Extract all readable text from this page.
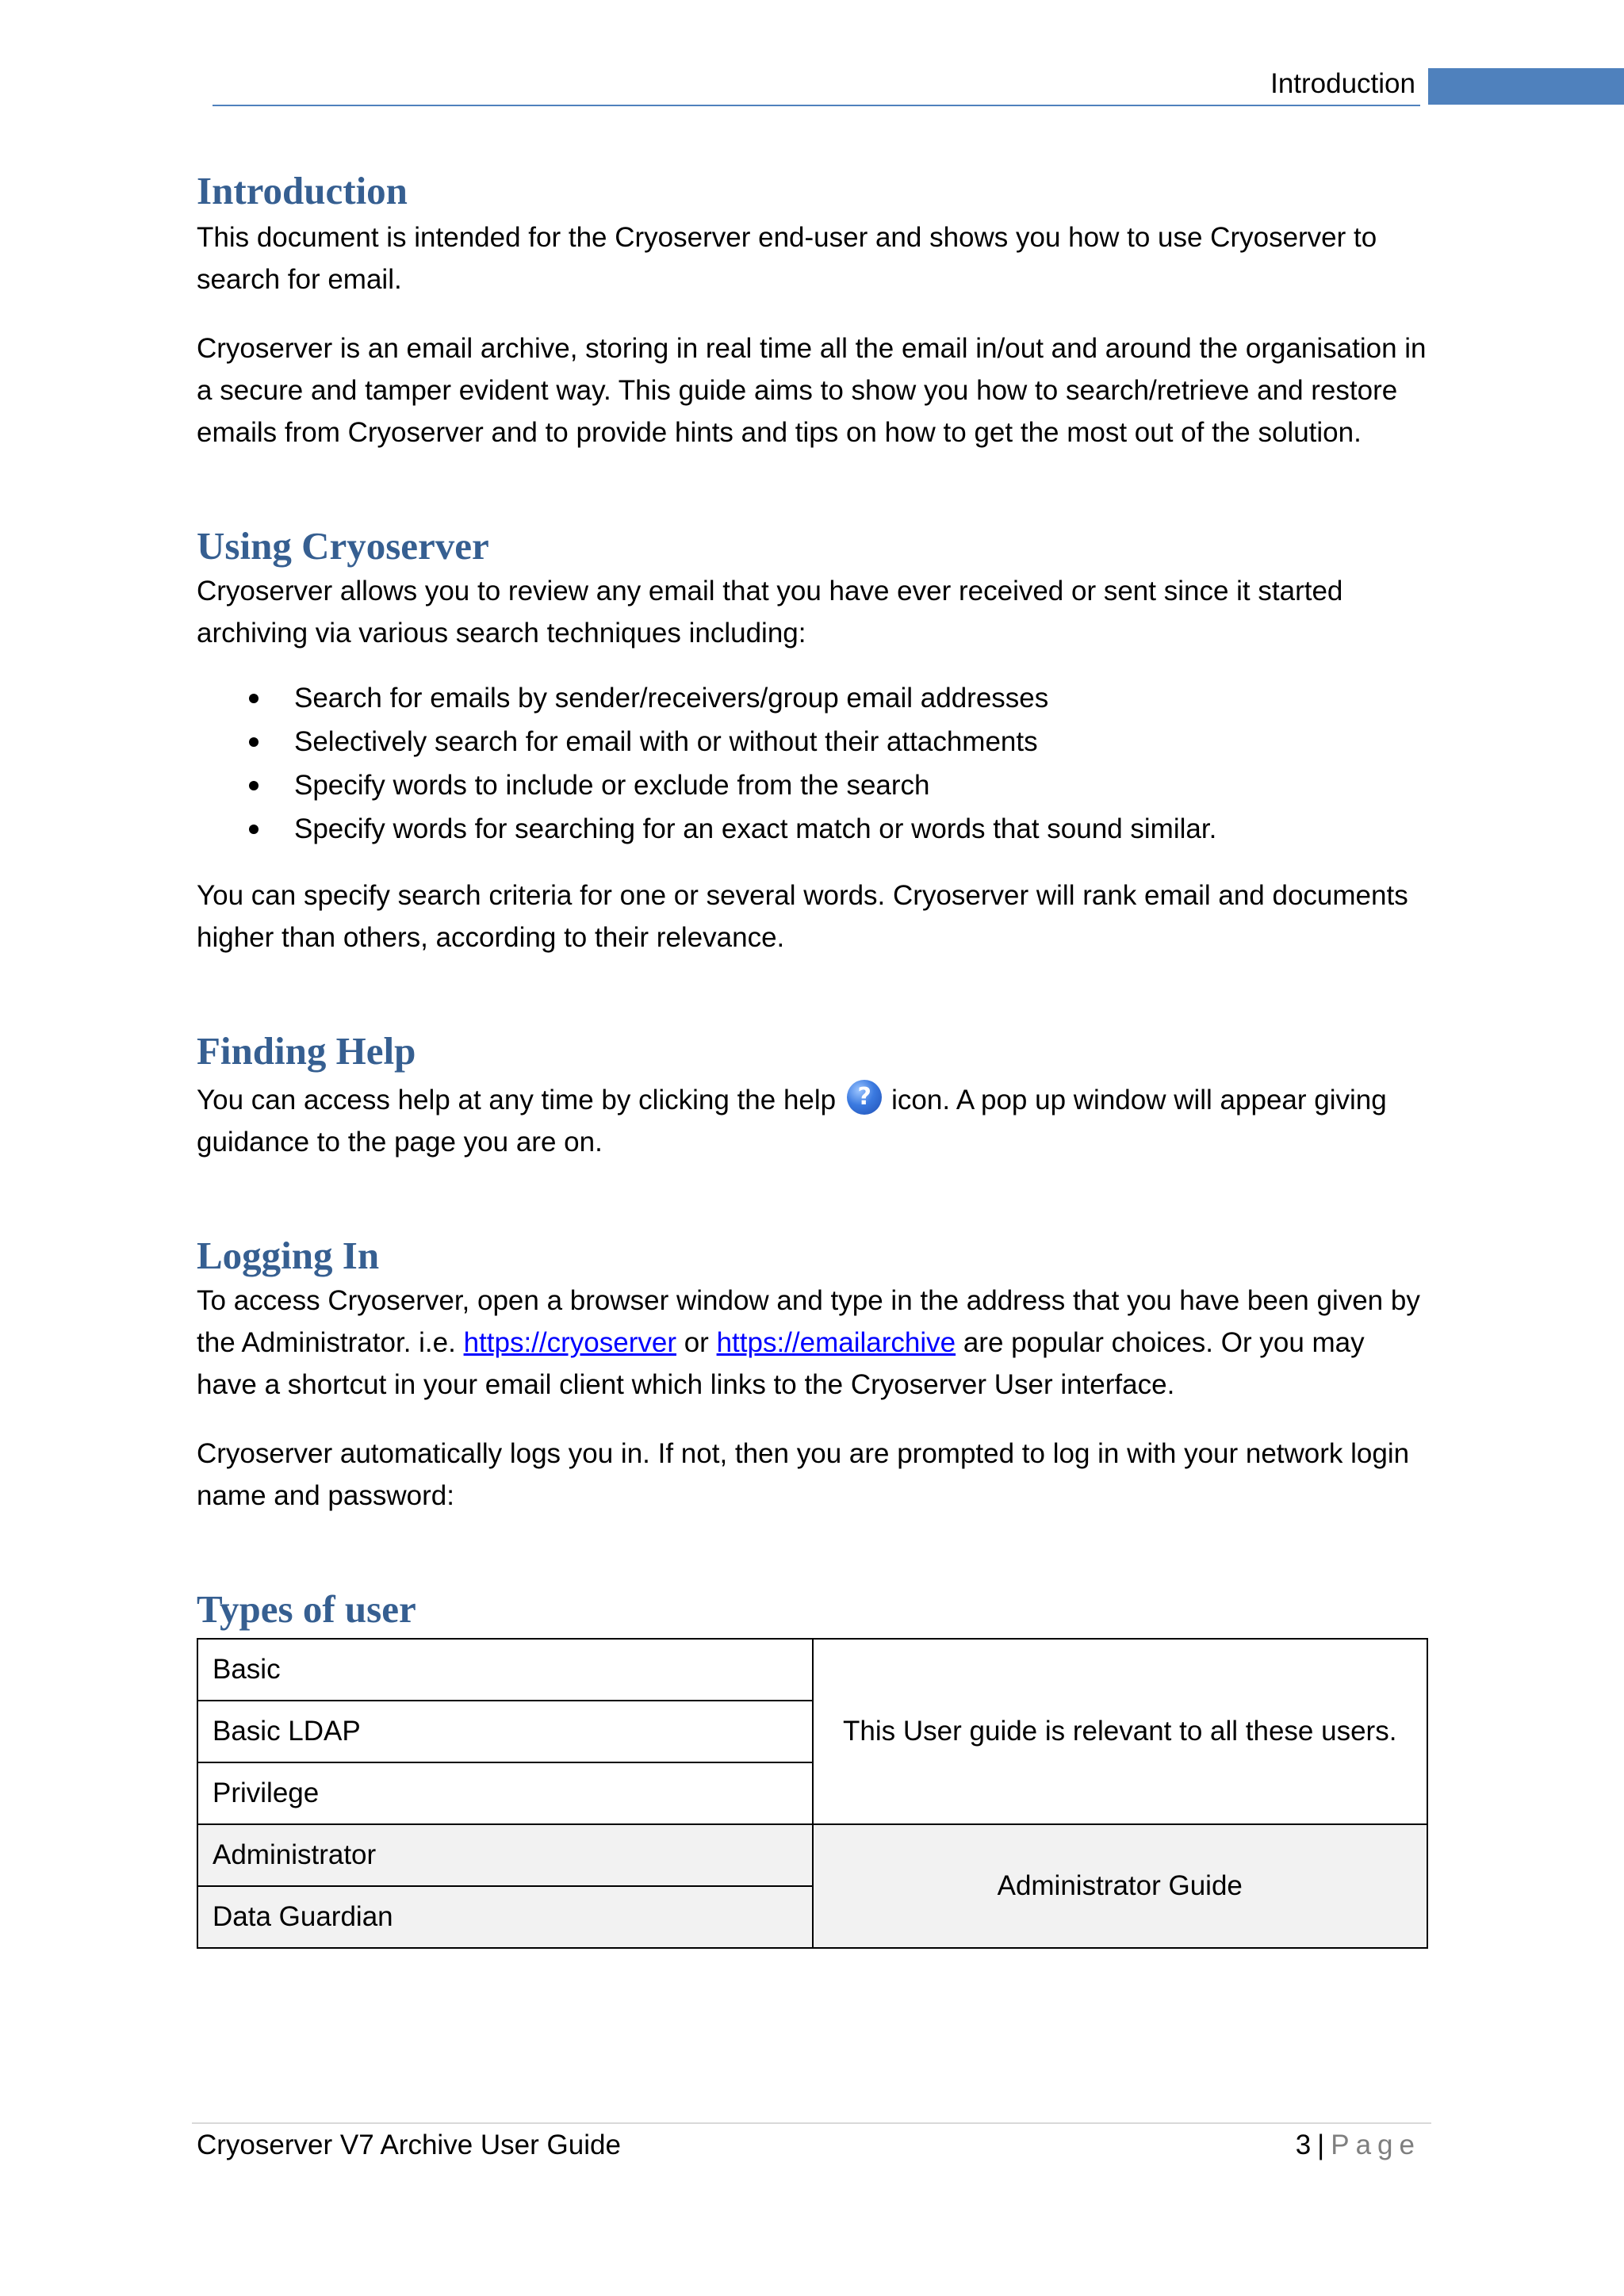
Introduction
Introduction

This document is intended for the Cryoserver end-user and shows you how to use Cryoserver to search for email.

Cryoserver is an email archive, storing in real time all the email in/out and around the organisation in a secure and tamper evident way. This guide aims to show you how to search/retrieve and restore emails from Cryoserver and to provide hints and tips on how to get the most out of the solution.

Using Cryoserver

Cryoserver allows you to review any email that you have ever received or sent since it started archiving via various search techniques including:

Search for emails by sender/receivers/group email addresses
Selectively search for email with or without their attachments
Specify words to include or exclude from the search
Specify words for searching for an exact match or words that sound similar.

You can specify search criteria for one or several words. Cryoserver will rank email and documents higher than others, according to their relevance.

Finding Help

You can access help at any time by clicking the help ? icon. A pop up window will appear giving guidance to the page you are on.

Logging In

To access Cryoserver, open a browser window and type in the address that you have been given by the Administrator. i.e. https://cryoserver or https://emailarchive are popular choices. Or you may have a shortcut in your email client which links to the Cryoserver User interface.

Cryoserver automatically logs you in. If not, then you are prompted to log in with your network login name and password:

Types of user
Basic	This User guide is relevant to all these users.
Basic LDAP	
Privilege	
Administrator	Administrator Guide
Data Guardian	
Cryoserver V7 Archive User Guide	3 | Page
